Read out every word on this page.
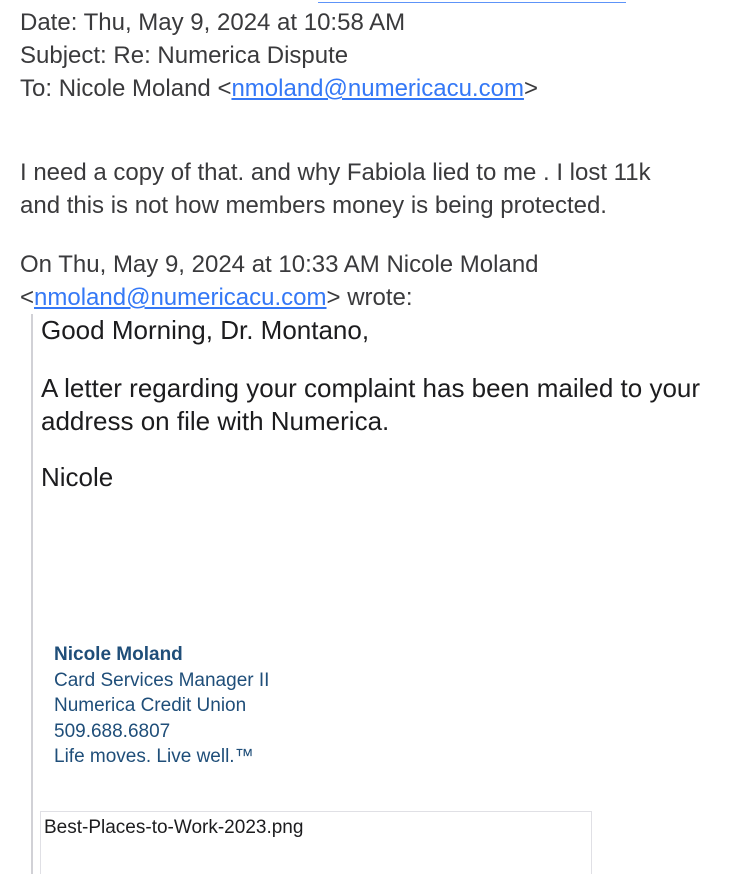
Date: Thu, May 9, 2024 at 10:58 AM
Subject: Re: Numerica Dispute
To: Nicole Moland <nmoland@numericacu.com>
I need a copy of that. and why Fabiola lied to me . I lost 11k
and this is not how members money is being protected.
On Thu, May 9, 2024 at 10:33 AM Nicole Moland
<nmoland@numericacu.com> wrote:

Good Morning, Dr. Montano,

A letter regarding your complaint has been mailed to your address on file with Numerica.

Nicole

Nicole Moland
Card Services Manager II
Numerica Credit Union
509.688.6807
Life moves. Live well.™
Best-Places-to-Work-2023.png
